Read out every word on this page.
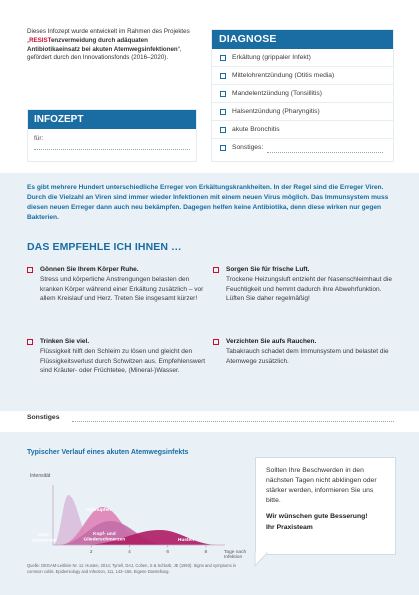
Dieses Infozept wurde entwickelt im Rahmen des Projektes „RESISTenzvermeidung durch adäquaten Antibiotikaeinsatz bei akuten Atemwegsinfektionen“, gefördert durch den Innovationsfonds (2016–2020).
DIAGNOSE
Erkältung (grippaler Infekt)
Mittelohrentzündung (Otitis media)
Mandelentzündung (Tonsillitis)
Halsentzündung (Pharyngitis)
akute Bronchitis
Sonstiges:
INFOZEPT
für:
Es gibt mehrere Hundert unterschiedliche Erreger von Erkältungskrankheiten. In der Regel sind die Erreger Viren. Durch die Vielzahl an Viren sind immer wieder Infektionen mit einem neuen Virus möglich. Das Immunsystem muss diesen neuen Erreger dann auch neu bekämpfen. Dagegen helfen keine Antibiotika, denn diese wirken nur gegen Bakterien.
DAS EMPFEHLE ICH IHNEN …
Gönnen Sie Ihrem Körper Ruhe.
Stress und körperliche Anstrengungen belasten den kranken Körper während einer Erkältung zusätzlich – vor allem Kreislauf und Herz. Treten Sie insgesamt kürzer!
Sorgen Sie für frische Luft.
Trockene Heizungsluft entzieht der Nasenschleimhaut die Feuchtigkeit und hemmt dadurch ihre Abwehrfunktion. Lüften Sie daher regelmäßig!
Trinken Sie viel.
Flüssigkeit hilft den Schleim zu lösen und gleicht den Flüssigkeitsverlust durch Schwitzen aus. Empfehlenswert sind Kräuter- oder Früchtetee, (Mineral-)Wasser.
Verzichten Sie aufs Rauchen.
Tabakrauch schadet dem Immunsystem und belastet die Atemwege zusätzlich.
Sonstiges
Typischer Verlauf eines akuten Atemwegsinfekts
Intensität
2	4	6	8
Hals-
schmerzen
Schnupfen
Kopf- und
Gliederschmerzen	Husten
Tage nach
Infektion
Quelle: DEGAM-Leitlinie Nr. 11: Husten, 2014; Tyrrell, DAJ, Cohen, S & Schlarb, JE (1993). Signs and symptoms in common colds. Epidemiology and Infection, 111, 143–156. Eigene Darstellung.
Sollten Ihre Beschwerden in den nächsten Tagen nicht abklingen oder stärker werden, informieren Sie uns bitte.
Wir wünschen gute Besserung!
Ihr Praxisteam
